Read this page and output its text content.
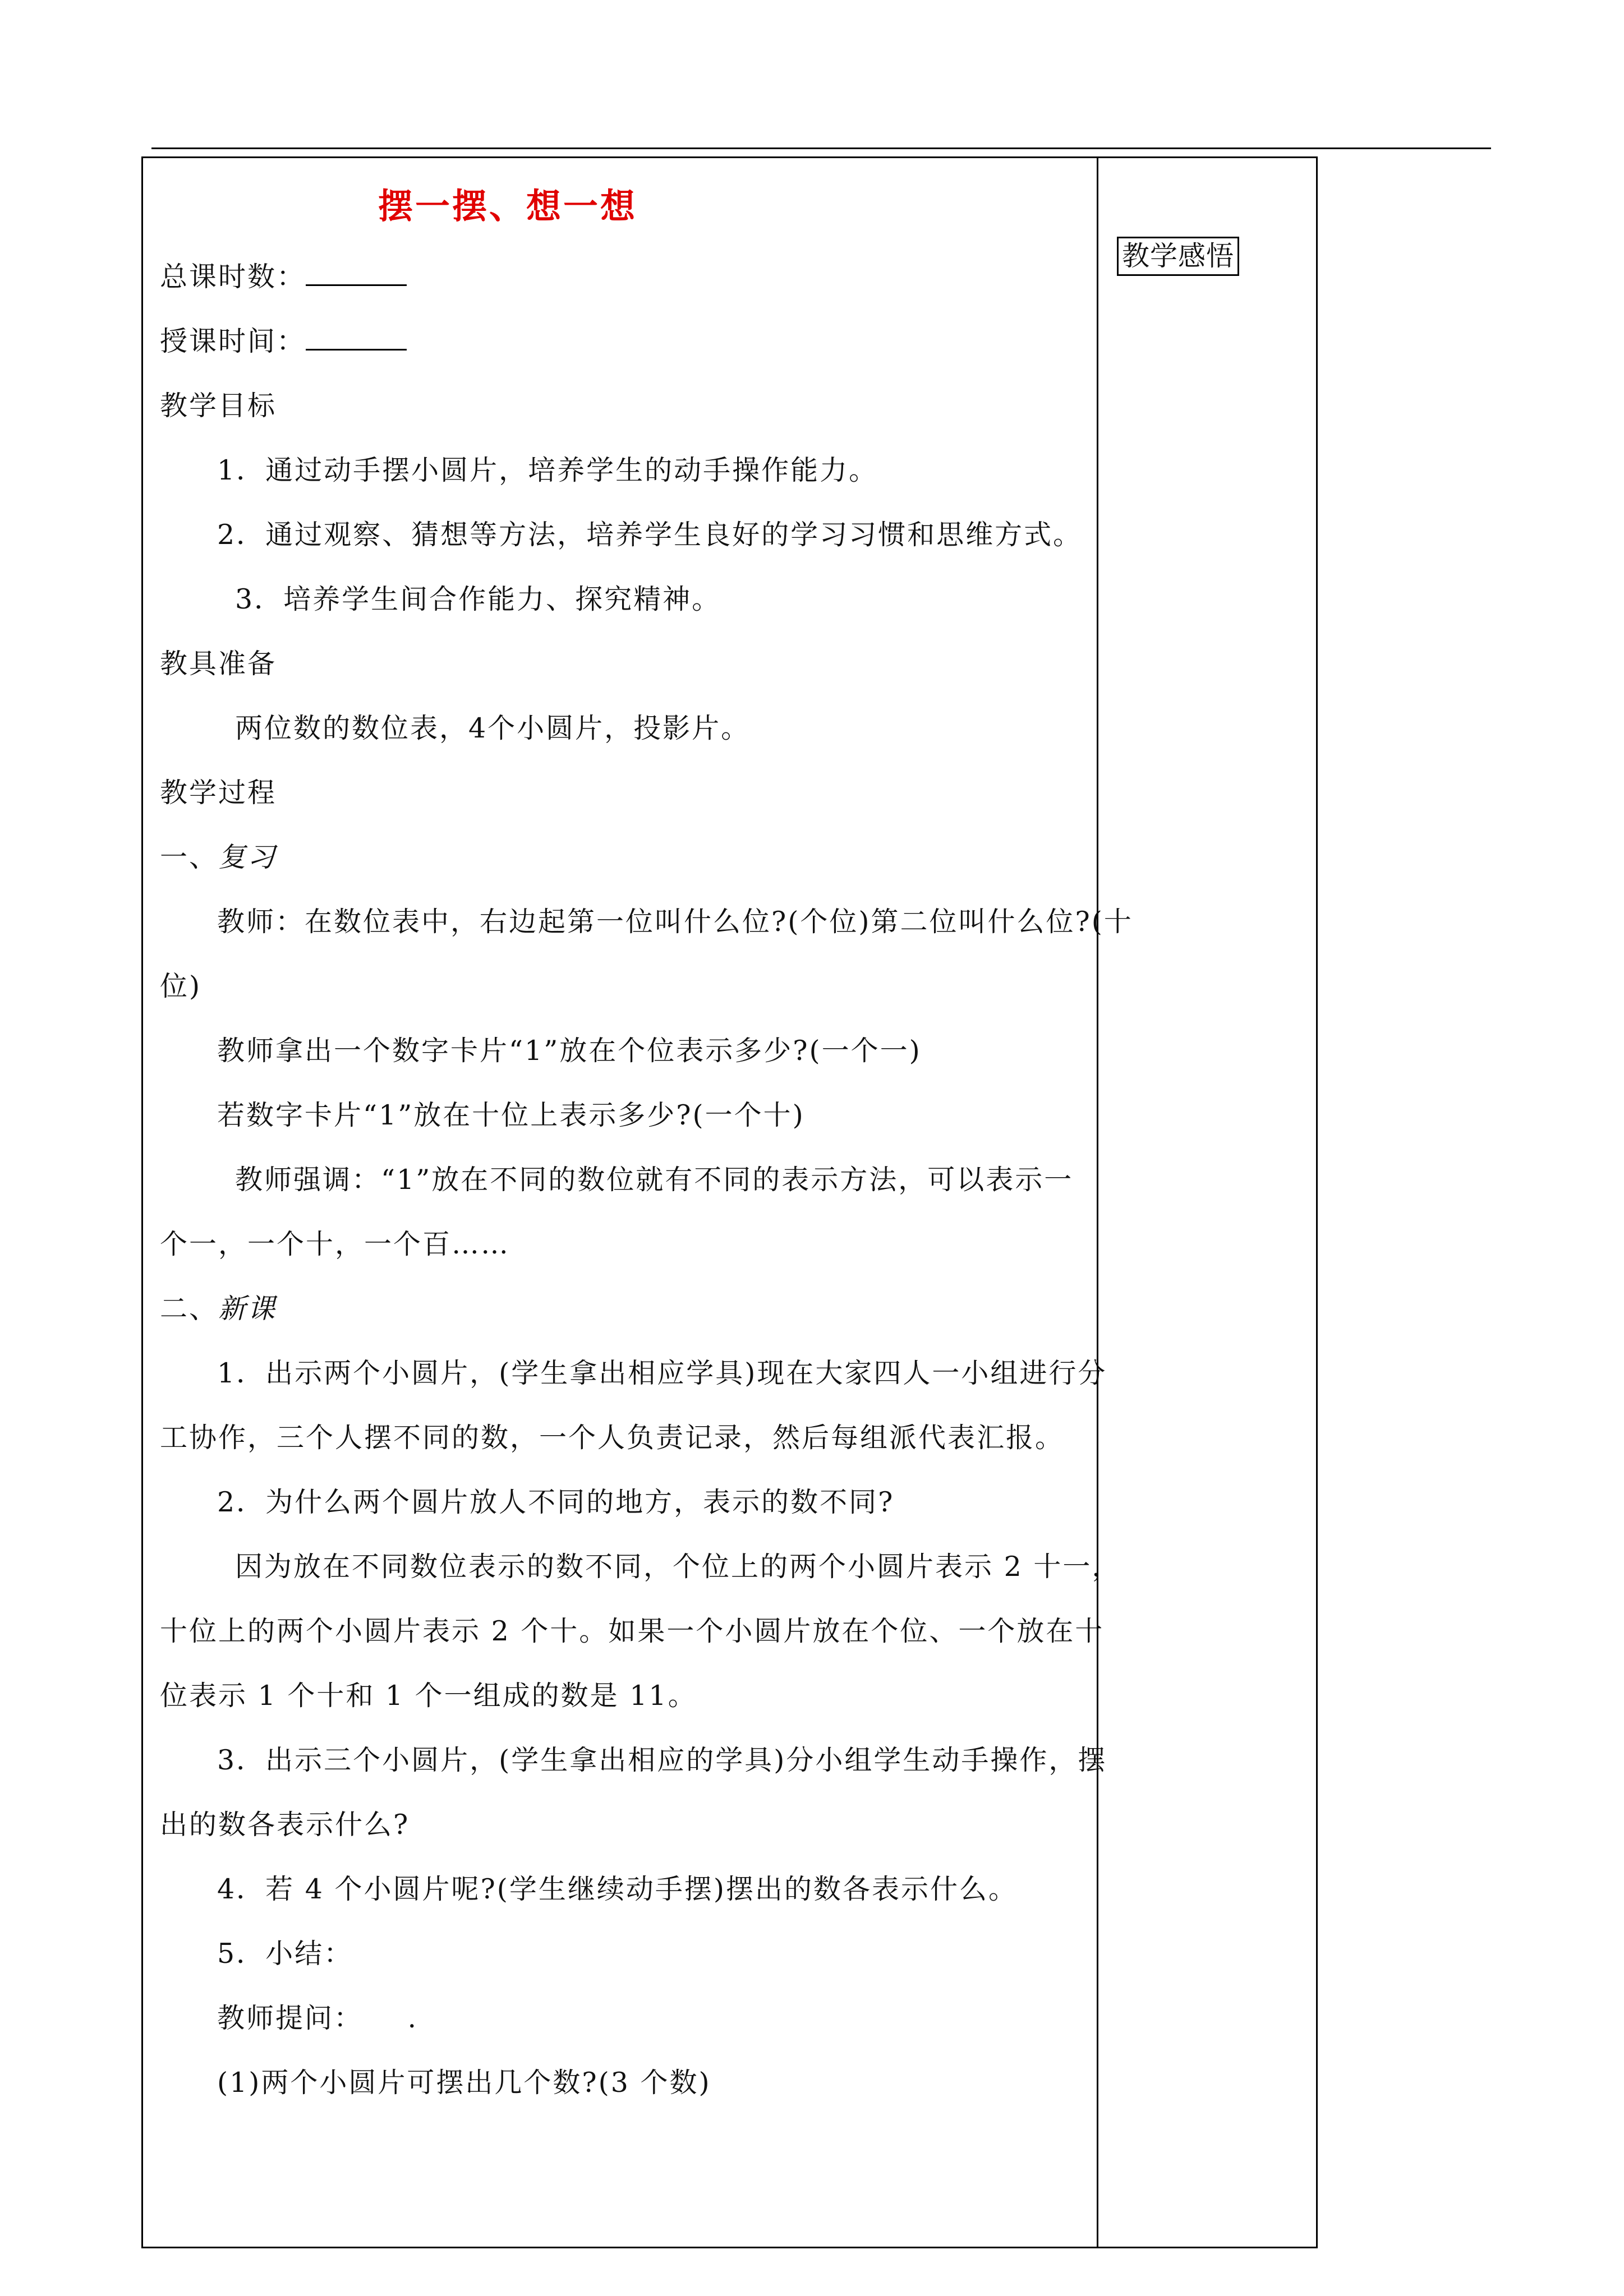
摆一摆、想一想
总课时数：
授课时间：
教学目标
1．通过动手摆小圆片，培养学生的动手操作能力。
2．通过观察、猜想等方法，培养学生良好的学习习惯和思维方式。
3．培养学生间合作能力、探究精神。
教具准备
两位数的数位表，4个小圆片，投影片。
教学过程
一、复习
教师：在数位表中，右边起第一位叫什么位?(个位)第二位叫什么位?(十
位)
教师拿出一个数字卡片“1”放在个位表示多少?(一个一)
若数字卡片“1”放在十位上表示多少?(一个十)
教师强调：“1”放在不同的数位就有不同的表示方法，可以表示一
个一，一个十，一个百……
二、新课
1．出示两个小圆片，(学生拿出相应学具)现在大家四人一小组进行分
工协作，三个人摆不同的数，一个人负责记录，然后每组派代表汇报。
2．为什么两个圆片放人不同的地方，表示的数不同?
因为放在不同数位表示的数不同，个位上的两个小圆片表示 2 十一，
十位上的两个小圆片表示 2 个十。如果一个小圆片放在个位、一个放在十
位表示 1 个十和 1 个一组成的数是 11。
3．出示三个小圆片，(学生拿出相应的学具)分小组学生动手操作，摆
出的数各表示什么?
4．若 4 个小圆片呢?(学生继续动手摆)摆出的数各表示什么。
5．小结：
教师提问：　　.
(1)两个小圆片可摆出几个数?(3 个数)
教学感悟
